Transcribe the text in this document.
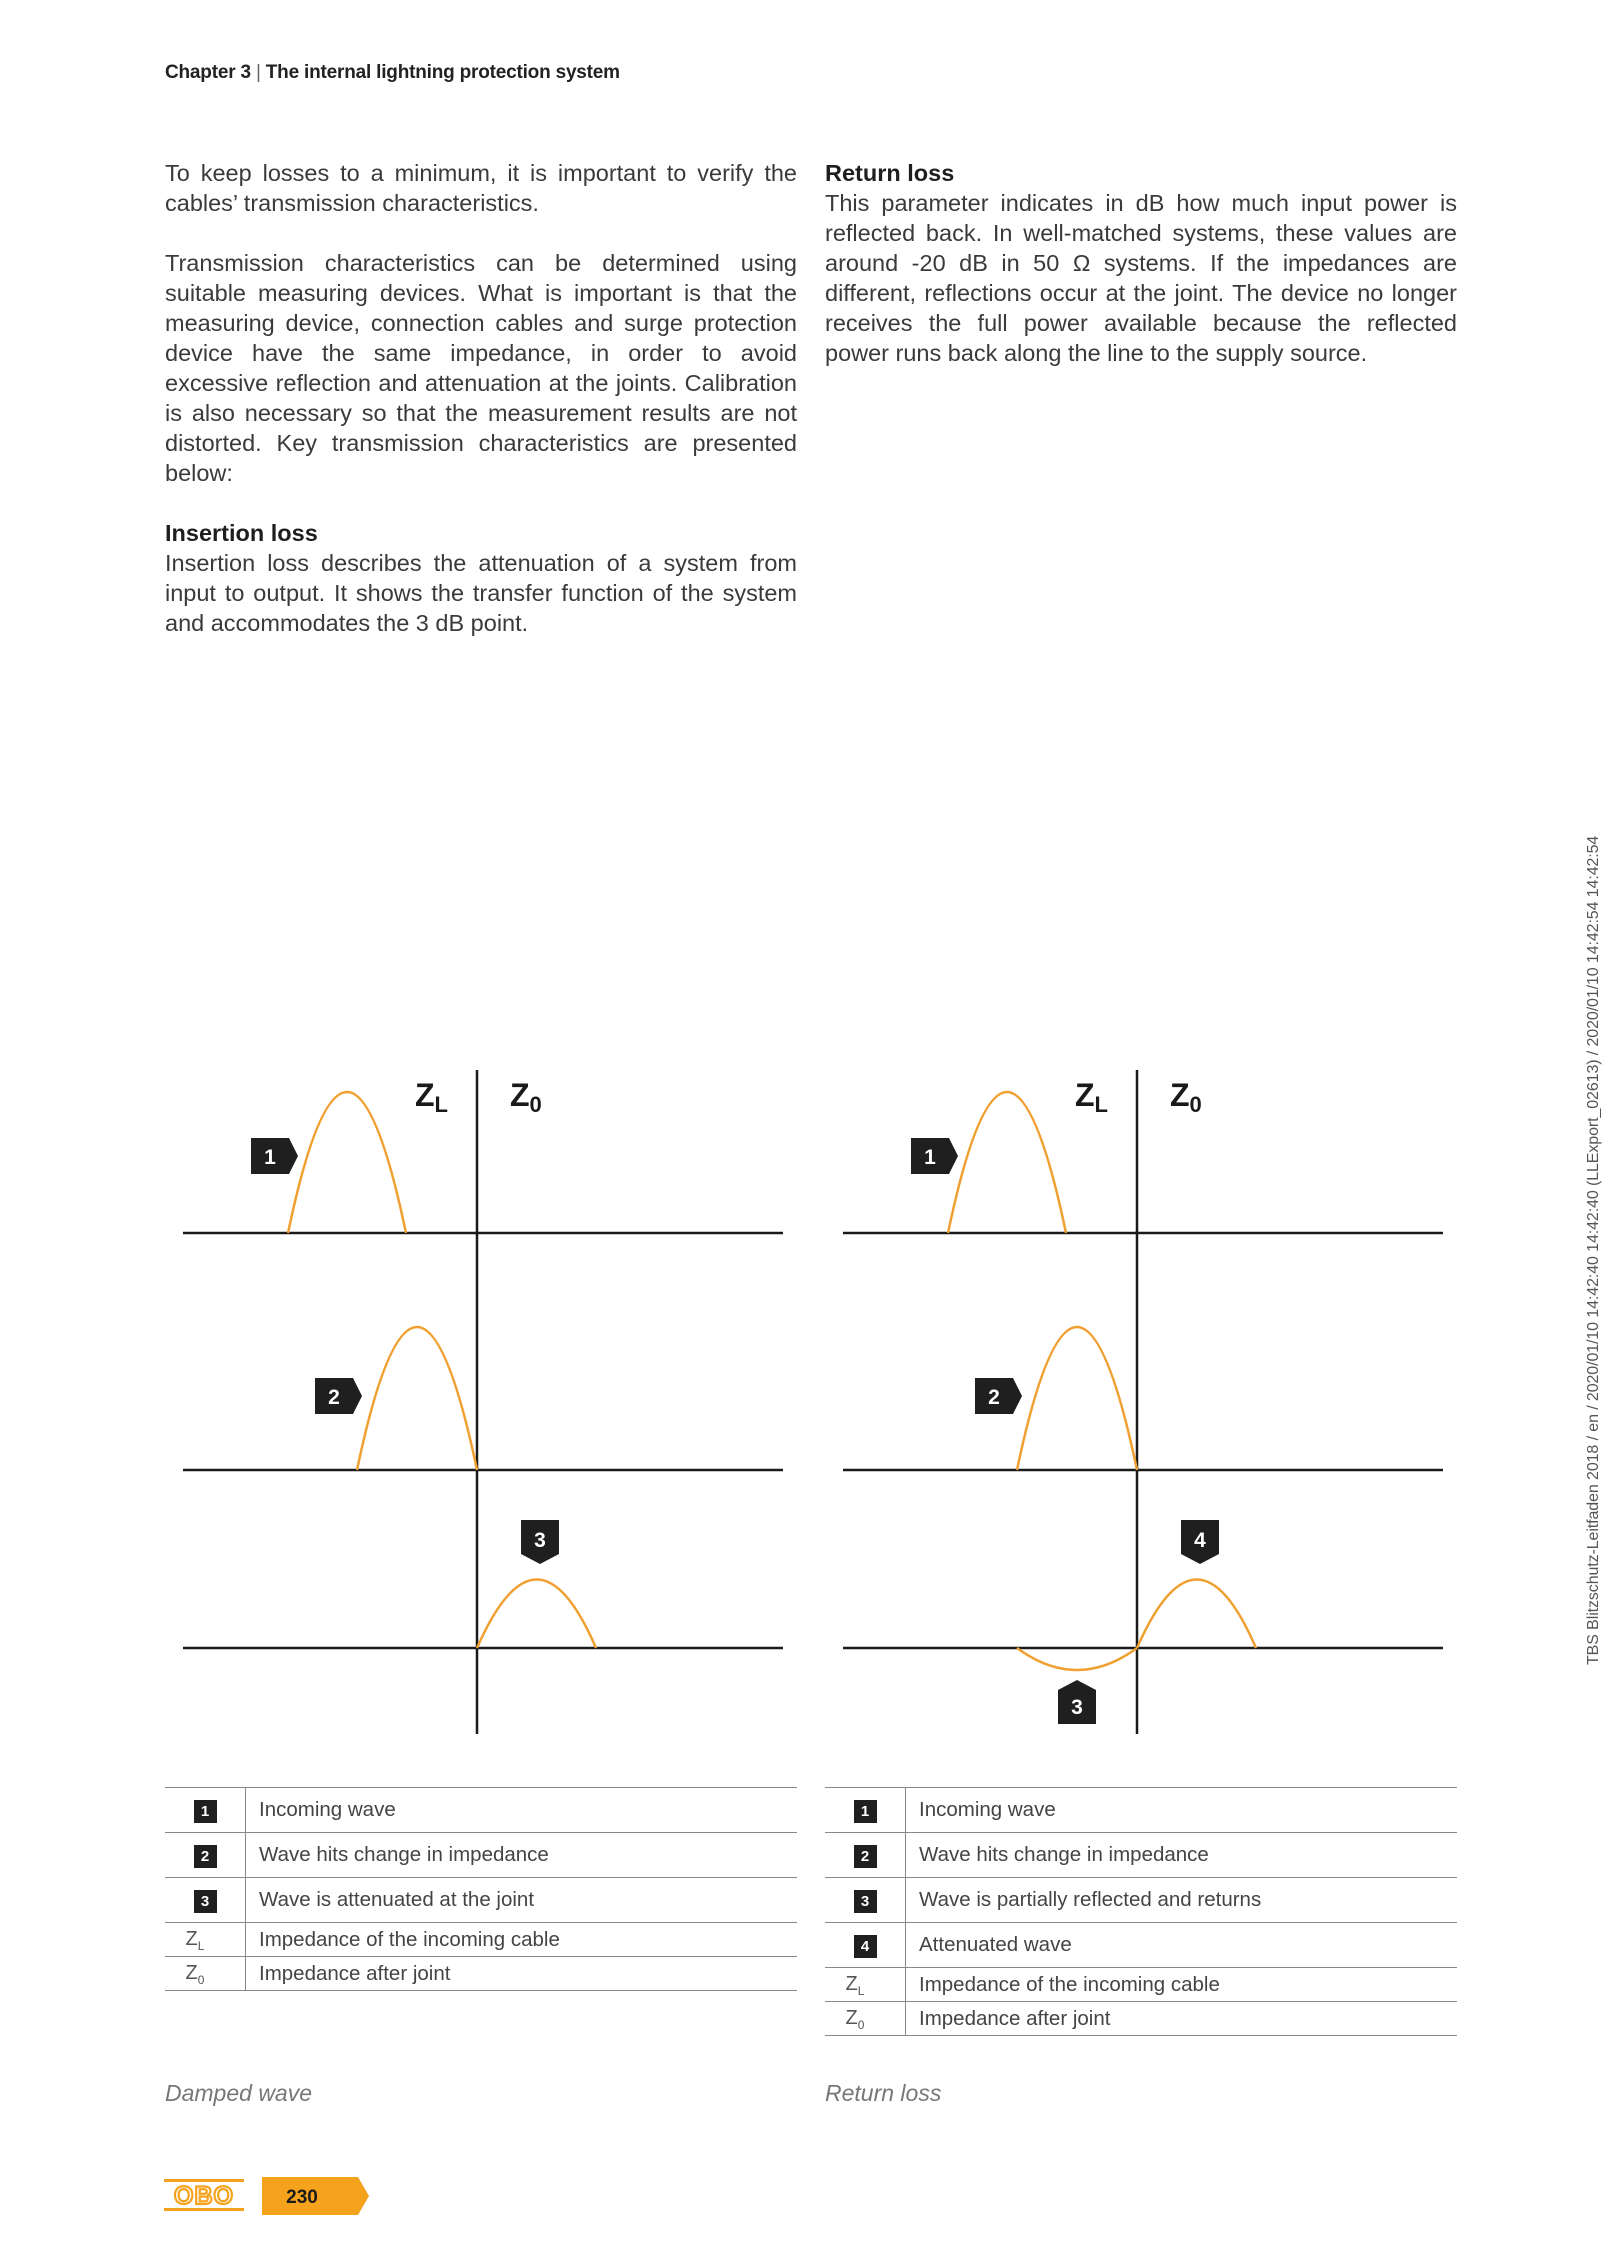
Chapter 3 | The internal lightning protection system

To keep losses to a minimum, it is important to verify the cables’ transmission characteristics.

Transmission characteristics can be determined using suitable measuring devices. What is important is that the measuring device, connection cables and surge protection device have the same impedance, in order to avoid excessive reflection and attenuation at the joints. Calibration is also necessary so that the measurement results are not distorted. Key transmission characteristics are presented below:

Insertion loss

Insertion loss describes the attenuation of a system from input to output. It shows the transfer function of the system and accommodates the 3 dB point.

Return loss

This parameter indicates in dB how much input power is reflected back. In well-matched systems, these values are around -20 dB in 50 Ω systems. If the impedances are different, reflections occur at the joint. The device no longer receives the full power available because the reflected power runs back along the line to the supply source.

ZL Z0
1
2
3
ZL Z0
1
2
3
4
1	Incoming wave
2	Wave hits change in impedance
3	Wave is attenuated at the joint
$Z_L$	Impedance of the incoming cable
$Z_0$	Impedance after joint
1	Incoming wave
2	Wave hits change in impedance
3	Wave is partially reflected and returns
4	Attenuated wave
$Z_L$	Impedance of the incoming cable
$Z_0$	Impedance after joint
Damped wave	Return loss
OBO	230
TBS Blitzschutz-Leitfaden 2018 / en / 2020/01/10 14:42:40 14:42:40 (LLExport_02613) / 2020/01/10 14:42:54 14:42:54
